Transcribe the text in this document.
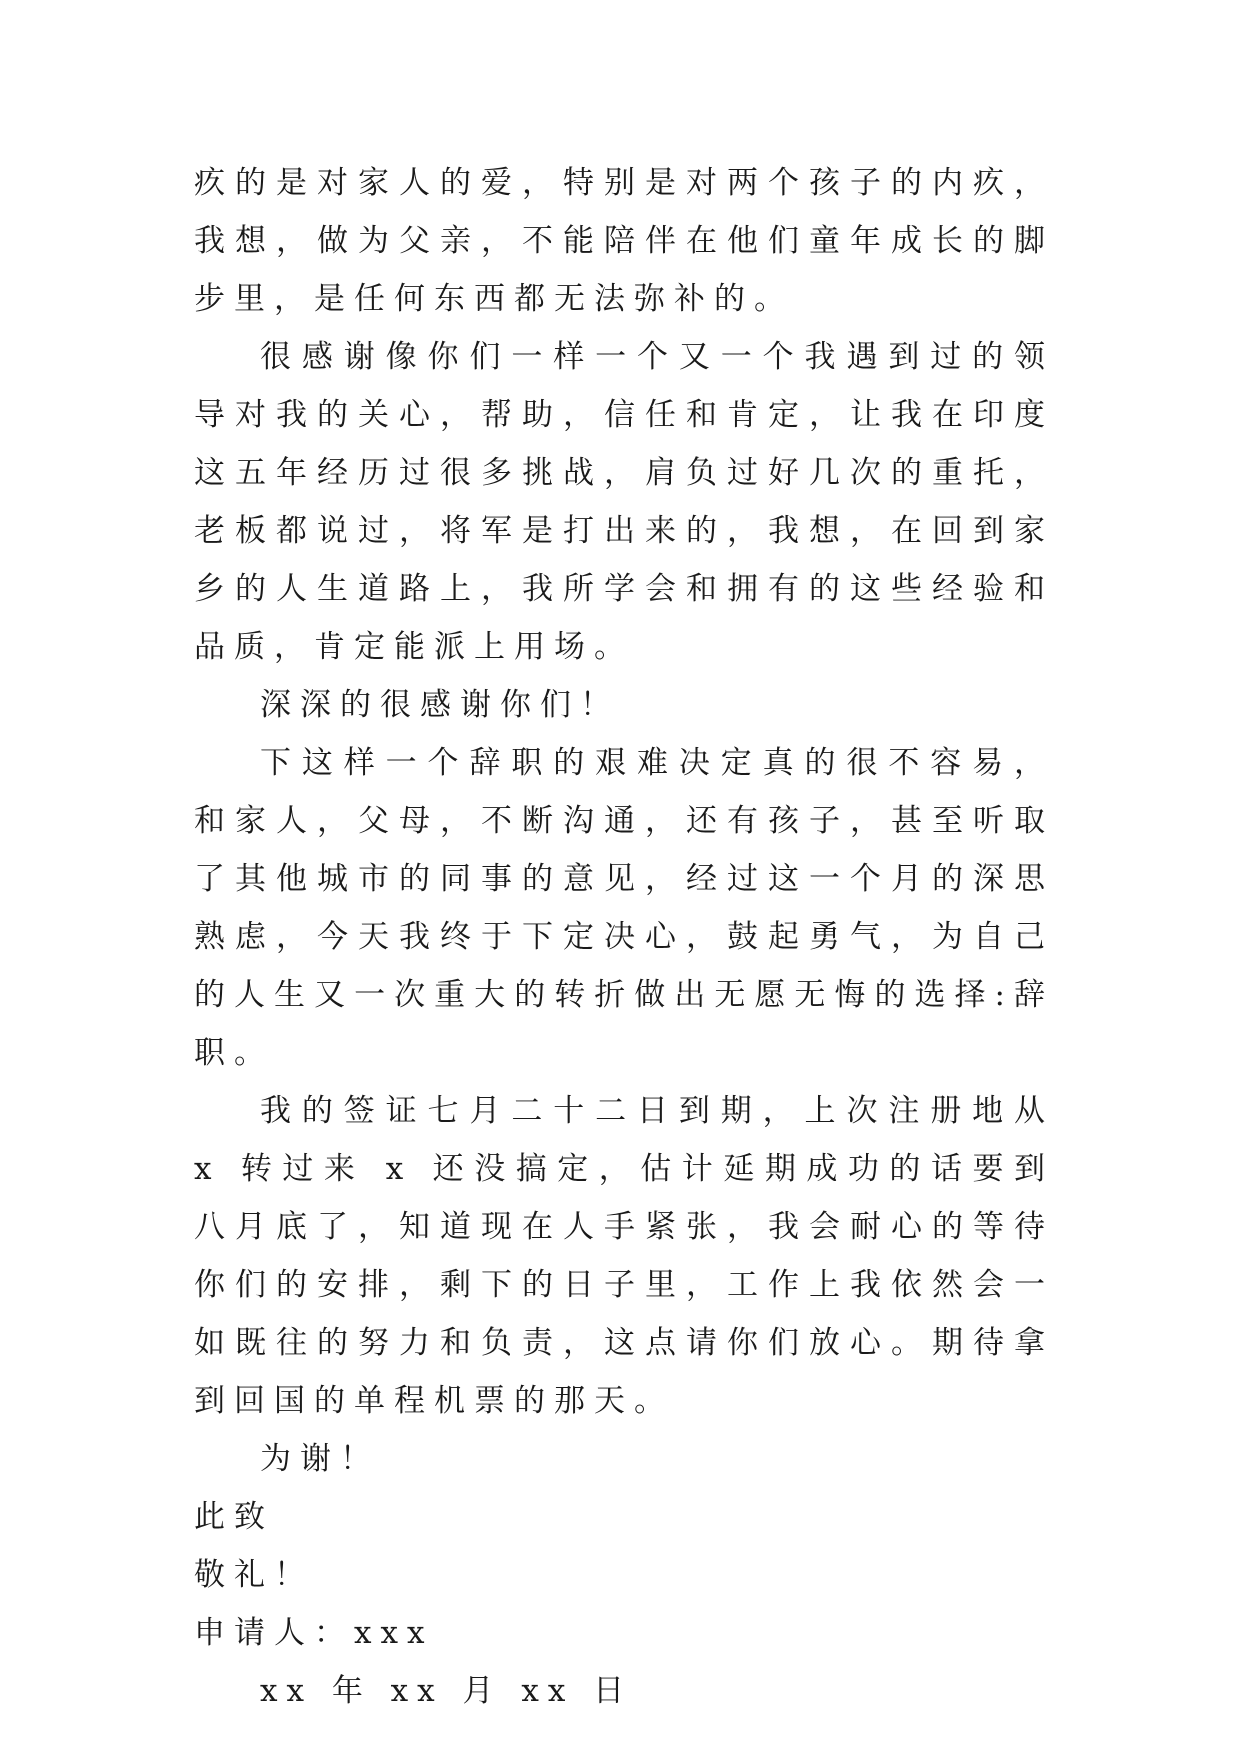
疚的是对家人的爱，特别是对两个孩子的内疚，我想，做为父亲，不能陪伴在他们童年成长的脚步里，是任何东西都无法弥补的。

很感谢像你们一样一个又一个我遇到过的领导对我的关心，帮助，信任和肯定，让我在印度这五年经历过很多挑战，肩负过好几次的重托，老板都说过，将军是打出来的，我想，在回到家乡的人生道路上，我所学会和拥有的这些经验和品质，肯定能派上用场。

深深的很感谢你们！

下这样一个辞职的艰难决定真的很不容易，和家人，父母，不断沟通，还有孩子，甚至听取了其他城市的同事的意见，经过这一个月的深思熟虑，今天我终于下定决心，鼓起勇气，为自己的人生又一次重大的转折做出无愿无悔的选择:辞职。

我的签证七月二十二日到期，上次注册地从 x 转过来 x 还没搞定，估计延期成功的话要到八月底了，知道现在人手紧张，我会耐心的等待你们的安排，剩下的日子里，工作上我依然会一如既往的努力和负责，这点请你们放心。期待拿到回国的单程机票的那天。

为谢！

此致

敬礼！

申请人：xxx

xx 年 xx 月 xx 日
